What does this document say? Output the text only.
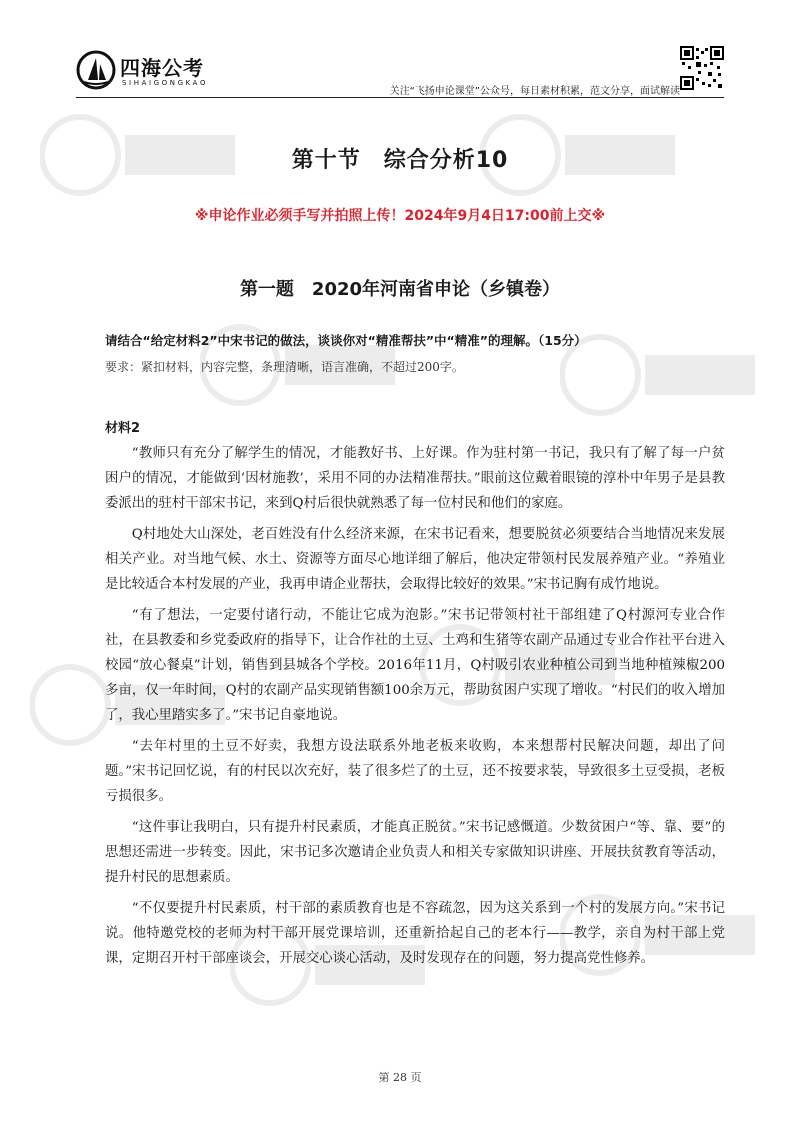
四海公考
SIHAIGONGKAO
关注“飞扬申论课堂”公众号，每日素材积累，范文分享，面试解读
第十节　综合分析10
※申论作业必须手写并拍照上传！2024年9月4日17:00前上交※
第一题　2020年河南省申论（乡镇卷）
请结合“给定材料2”中宋书记的做法，谈谈你对“精准帮扶”中“精准”的理解。（15分）
要求：紧扣材料，内容完整，条理清晰，语言准确，不超过200字。
材料2

“教师只有充分了解学生的情况，才能教好书、上好课。作为驻村第一书记，我只有了解了每一户贫困户的情况，才能做到‘因材施教’，采用不同的办法精准帮扶。”眼前这位戴着眼镜的淳朴中年男子是县教委派出的驻村干部宋书记，来到Q村后很快就熟悉了每一位村民和他们的家庭。

Q村地处大山深处，老百姓没有什么经济来源，在宋书记看来，想要脱贫必须要结合当地情况来发展相关产业。对当地气候、水土、资源等方面尽心地详细了解后，他决定带领村民发展养殖产业。“养殖业是比较适合本村发展的产业，我再申请企业帮扶，会取得比较好的效果。”宋书记胸有成竹地说。

“有了想法，一定要付诸行动，不能让它成为泡影。”宋书记带领村社干部组建了Q村源河专业合作社，在县教委和乡党委政府的指导下，让合作社的土豆、土鸡和生猪等农副产品通过专业合作社平台进入校园“放心餐桌”计划，销售到县城各个学校。2016年11月，Q村吸引农业种植公司到当地种植辣椒200多亩，仅一年时间，Q村的农副产品实现销售额100余万元，帮助贫困户实现了增收。“村民们的收入增加了，我心里踏实多了。”宋书记自豪地说。

“去年村里的土豆不好卖，我想方设法联系外地老板来收购，本来想帮村民解决问题，却出了问题。”宋书记回忆说，有的村民以次充好，装了很多烂了的土豆，还不按要求装，导致很多土豆受损，老板亏损很多。

“这件事让我明白，只有提升村民素质，才能真正脱贫。”宋书记感慨道。少数贫困户“等、靠、要”的思想还需进一步转变。因此，宋书记多次邀请企业负责人和相关专家做知识讲座、开展扶贫教育等活动，提升村民的思想素质。

“不仅要提升村民素质，村干部的素质教育也是不容疏忽，因为这关系到一个村的发展方向。”宋书记说。他特邀党校的老师为村干部开展党课培训，还重新拾起自己的老本行——教学，亲自为村干部上党课，定期召开村干部座谈会，开展交心谈心活动，及时发现存在的问题，努力提高党性修养。

第 28 页
